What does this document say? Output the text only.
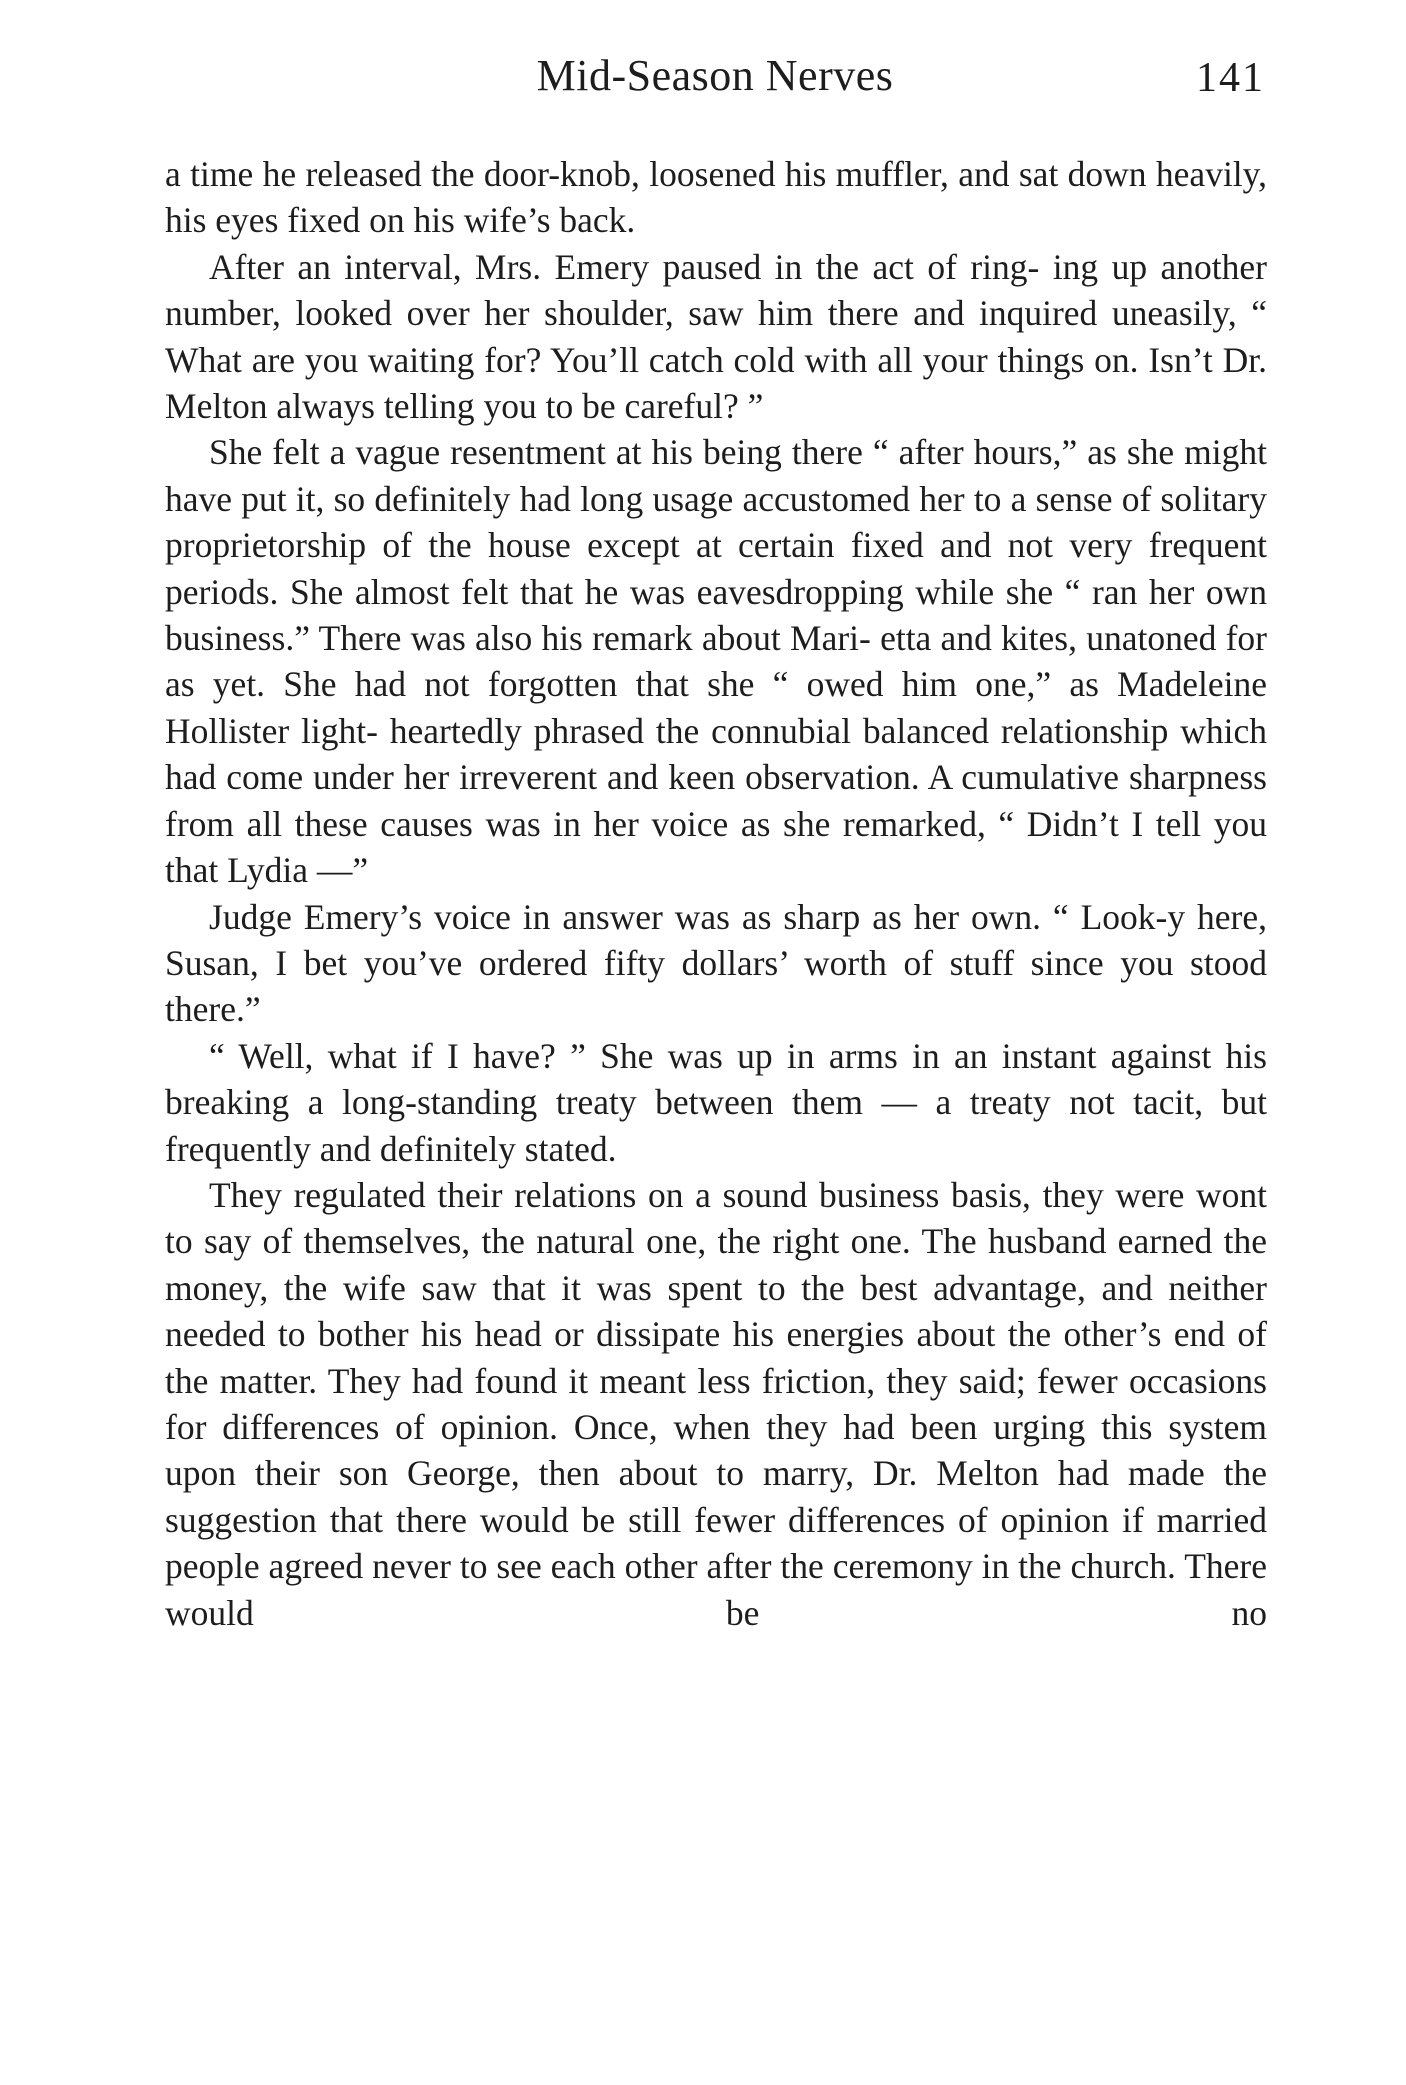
Mid-Season Nerves	141

a time he released the door-knob, loosened his muffler, and sat down heavily, his eyes fixed on his wife’s back.

After an interval, Mrs. Emery paused in the act of ring- ing up another number, looked over her shoulder, saw him there and inquired uneasily, “ What are you waiting for? You’ll catch cold with all your things on. Isn’t Dr. Melton always telling you to be careful? ”

She felt a vague resentment at his being there “ after hours,” as she might have put it, so definitely had long usage accustomed her to a sense of solitary proprietorship of the house except at certain fixed and not very frequent periods. She almost felt that he was eavesdropping while she “ ran her own business.” There was also his remark about Mari- etta and kites, unatoned for as yet. She had not forgotten that she “ owed him one,” as Madeleine Hollister light- heartedly phrased the connubial balanced relationship which had come under her irreverent and keen observation. A cumulative sharpness from all these causes was in her voice as she remarked, “ Didn’t I tell you that Lydia —”

Judge Emery’s voice in answer was as sharp as her own. “ Look-y here, Susan, I bet you’ve ordered fifty dollars’ worth of stuff since you stood there.”

“ Well, what if I have? ” She was up in arms in an instant against his breaking a long-standing treaty between them — a treaty not tacit, but frequently and definitely stated.

They regulated their relations on a sound business basis, they were wont to say of themselves, the natural one, the right one. The husband earned the money, the wife saw that it was spent to the best advantage, and neither needed to bother his head or dissipate his energies about the other’s end of the matter. They had found it meant less friction, they said; fewer occasions for differences of opinion. Once, when they had been urging this system upon their son George, then about to marry, Dr. Melton had made the suggestion that there would be still fewer differences of opinion if married people agreed never to see each other after the ceremony in the church. There would be no
